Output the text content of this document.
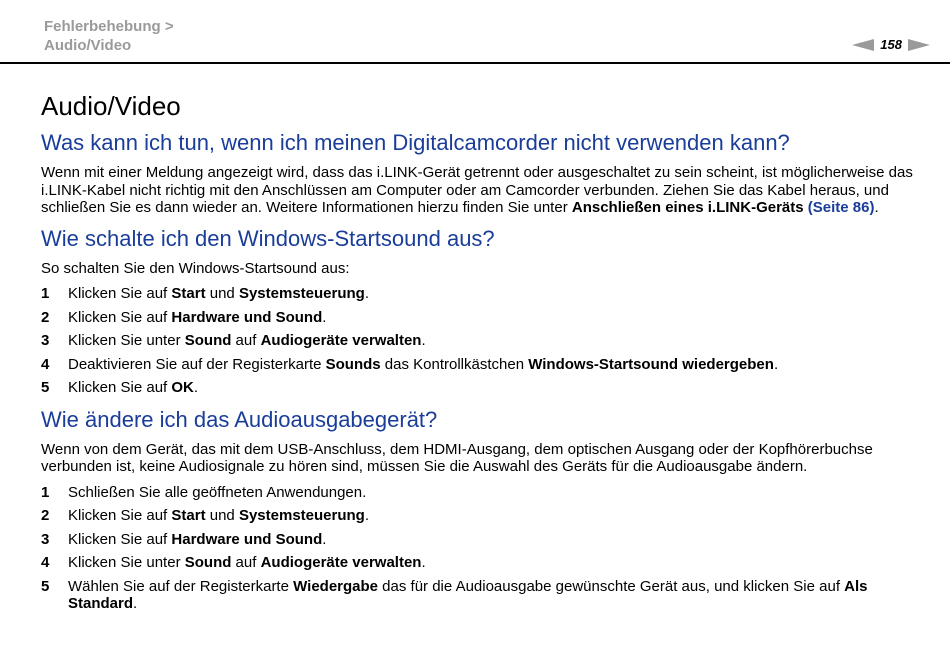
Fehlerbehebung >
Audio/Video	158
Audio/Video
Was kann ich tun, wenn ich meinen Digitalcamcorder nicht verwenden kann?

Wenn mit einer Meldung angezeigt wird, dass das i.LINK-Gerät getrennt oder ausgeschaltet zu sein scheint, ist möglicherweise das i.LINK-Kabel nicht richtig mit den Anschlüssen am Computer oder am Camcorder verbunden. Ziehen Sie das Kabel heraus, und schließen Sie es dann wieder an. Weitere Informationen hierzu finden Sie unter Anschließen eines i.LINK-Geräts (Seite 86).

Wie schalte ich den Windows-Startsound aus?

So schalten Sie den Windows-Startsound aus:

1	Klicken Sie auf Start und Systemsteuerung.
2	Klicken Sie auf Hardware und Sound.
3	Klicken Sie unter Sound auf Audiogeräte verwalten.
4	Deaktivieren Sie auf der Registerkarte Sounds das Kontrollkästchen Windows-Startsound wiedergeben.
5	Klicken Sie auf OK.
Wie ändere ich das Audioausgabegerät?

Wenn von dem Gerät, das mit dem USB-Anschluss, dem HDMI-Ausgang, dem optischen Ausgang oder der Kopfhörerbuchse verbunden ist, keine Audiosignale zu hören sind, müssen Sie die Auswahl des Geräts für die Audioausgabe ändern.

1	Schließen Sie alle geöffneten Anwendungen.
2	Klicken Sie auf Start und Systemsteuerung.
3	Klicken Sie auf Hardware und Sound.
4	Klicken Sie unter Sound auf Audiogeräte verwalten.
5	Wählen Sie auf der Registerkarte Wiedergabe das für die Audioausgabe gewünschte Gerät aus, und klicken Sie auf Als Standard.
